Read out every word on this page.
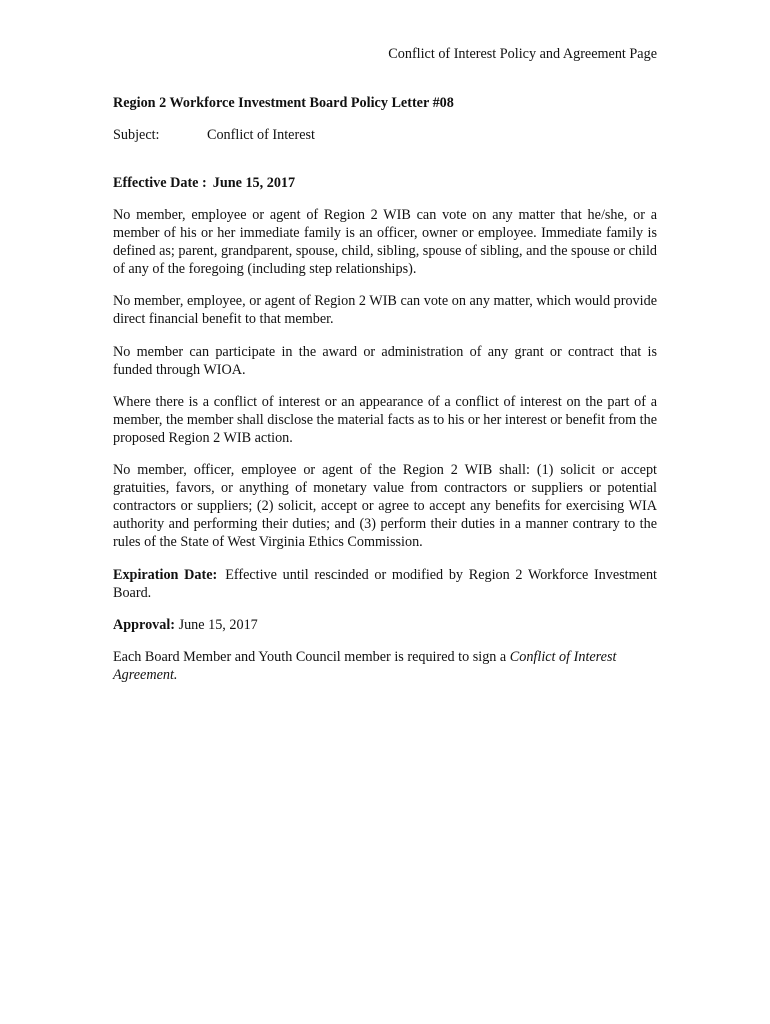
Conflict of Interest Policy and Agreement Page
Region 2 Workforce Investment Board Policy Letter #08
Subject:	Conflict of Interest
Effective Date : June 15, 2017

No member, employee or agent of Region 2 WIB can vote on any matter that he/she, or a member of his or her immediate family is an officer, owner or employee. Immediate family is defined as; parent, grandparent, spouse, child, sibling, spouse of sibling, and the spouse or child of any of the foregoing (including step relationships).

No member, employee, or agent of Region 2 WIB can vote on any matter, which would provide direct financial benefit to that member.

No member can participate in the award or administration of any grant or contract that is funded through WIOA.

Where there is a conflict of interest or an appearance of a conflict of interest on the part of a member, the member shall disclose the material facts as to his or her interest or benefit from the proposed Region 2 WIB action.

No member, officer, employee or agent of the Region 2 WIB shall: (1) solicit or accept gratuities, favors, or anything of monetary value from contractors or suppliers or potential contractors or suppliers; (2) solicit, accept or agree to accept any benefits for exercising WIA authority and performing their duties; and (3) perform their duties in a manner contrary to the rules of the State of West Virginia Ethics Commission.

Expiration Date: Effective until rescinded or modified by Region 2 Workforce Investment Board.

Approval: June 15, 2017

Each Board Member and Youth Council member is required to sign a Conflict of Interest Agreement.
